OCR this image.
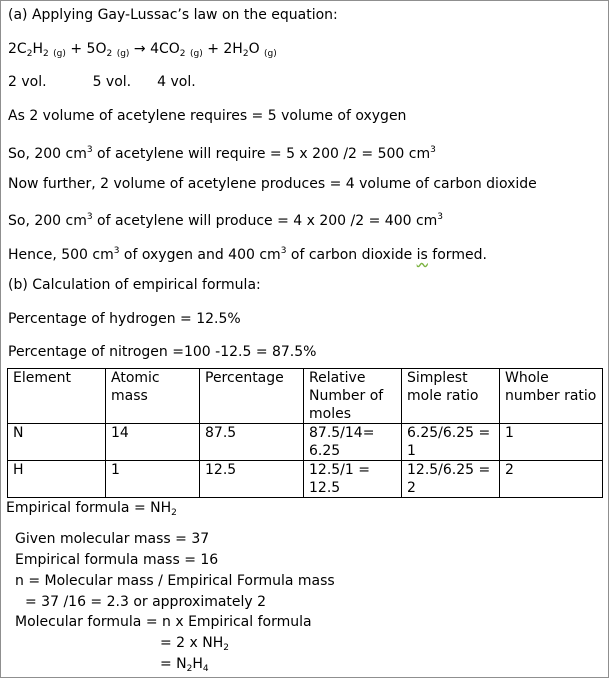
(a) Applying Gay-Lussac’s law on the equation:
$2C_2H_2$ $_{(g)} + 5O_2$ $_{(g)} \to 4CO_2$ $_{(g)} + 2H_2O$ $_{(g)}$
2 vol.	5 vol. 4 vol.
As 2 volume of acetylene requires = 5 volume of oxygen
So, 200 $cm^3$ of acetylene will require = 5 x 200 /2 = 500 $cm^3$
Now further, 2 volume of acetylene produces = 4 volume of carbon dioxide
So, 200 $cm^3$ of acetylene will produce = 4 x 200 /2 = 400 $cm^3$
Hence, 500 $cm^3$ of oxygen and 400 $cm^3$ of carbon dioxide is formed.
(b) Calculation of empirical formula:
Percentage of hydrogen = 12.5%
Percentage of nitrogen =100 -12.5 = 87.5%
Element	Atomic mass	Percentage	Relative Number of moles	Simplest mole ratio	Whole number ratio
N	14	87.5	87.5/14= 6.25	6.25/6.25 = 1	1
H	1	12.5	12.5/1 = 12.5	12.5/6.25 = 2	2
Empirical formula = $NH_2$
Given molecular mass = 37
Empirical formula mass = 16
n = Molecular mass / Empirical Formula mass
= 37 /16 = 2.3 or approximately 2
Molecular formula = n x Empirical formula
= 2 x $NH_2$
= $N_2H_4$
